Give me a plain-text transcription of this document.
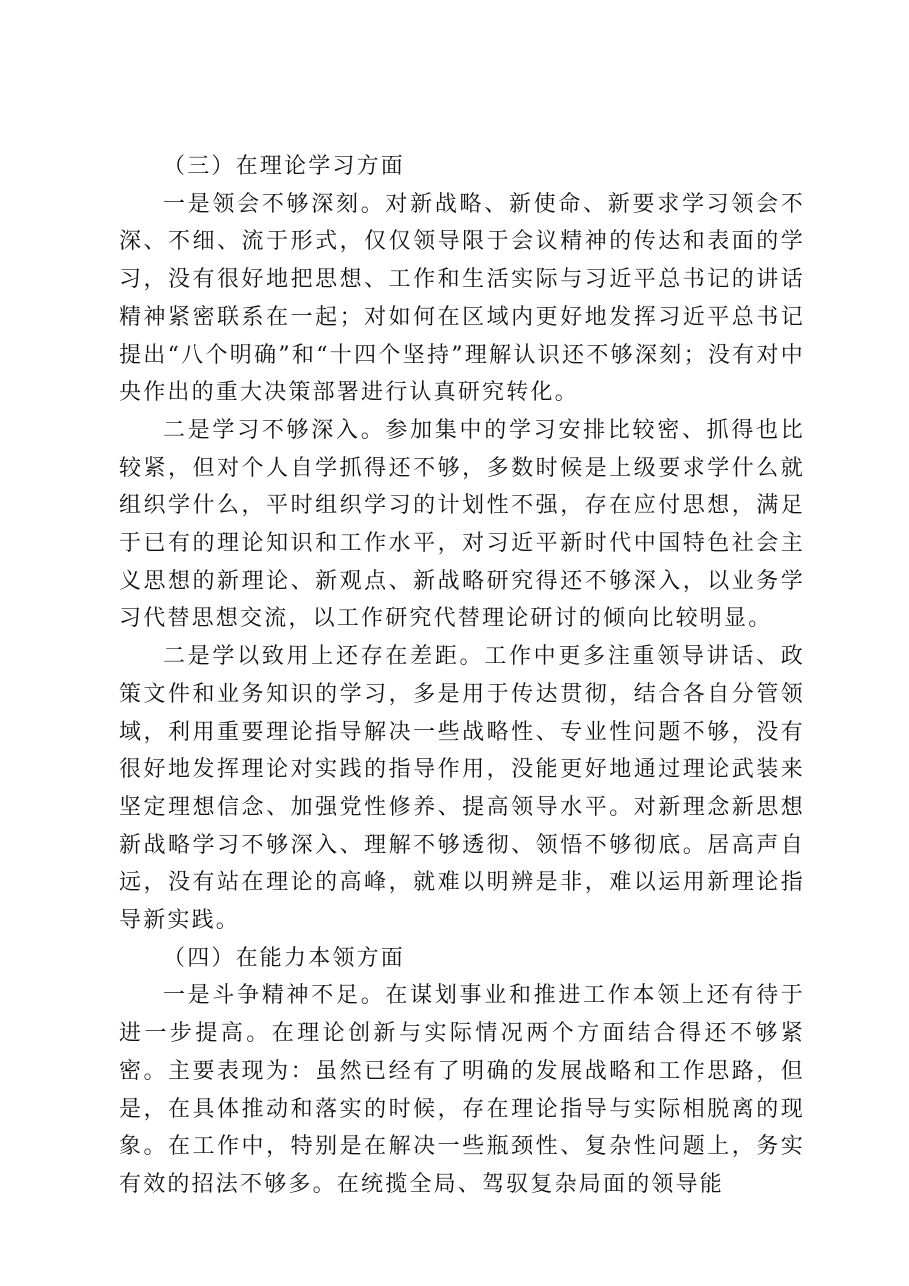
（三）在理论学习方面

一是领会不够深刻。对新战略、新使命、新要求学习领会不深、不细、流于形式，仅仅领导限于会议精神的传达和表面的学习，没有很好地把思想、工作和生活实际与习近平总书记的讲话精神紧密联系在一起；对如何在区域内更好地发挥习近平总书记提出“八个明确”和“十四个坚持”理解认识还不够深刻；没有对中央作出的重大决策部署进行认真研究转化。

二是学习不够深入。参加集中的学习安排比较密、抓得也比较紧，但对个人自学抓得还不够，多数时候是上级要求学什么就组织学什么，平时组织学习的计划性不强，存在应付思想，满足于已有的理论知识和工作水平，对习近平新时代中国特色社会主义思想的新理论、新观点、新战略研究得还不够深入，以业务学习代替思想交流，以工作研究代替理论研讨的倾向比较明显。

二是学以致用上还存在差距。工作中更多注重领导讲话、政策文件和业务知识的学习，多是用于传达贯彻，结合各自分管领域，利用重要理论指导解决一些战略性、专业性问题不够，没有很好地发挥理论对实践的指导作用，没能更好地通过理论武装来坚定理想信念、加强党性修养、提高领导水平。对新理念新思想新战略学习不够深入、理解不够透彻、领悟不够彻底。居高声自远，没有站在理论的高峰，就难以明辨是非，难以运用新理论指导新实践。

（四）在能力本领方面

一是斗争精神不足。在谋划事业和推进工作本领上还有待于进一步提高。在理论创新与实际情况两个方面结合得还不够紧密。主要表现为：虽然已经有了明确的发展战略和工作思路，但是，在具体推动和落实的时候，存在理论指导与实际相脱离的现象。在工作中，特别是在解决一些瓶颈性、复杂性问题上，务实有效的招法不够多。在统揽全局、驾驭复杂局面的领导能
